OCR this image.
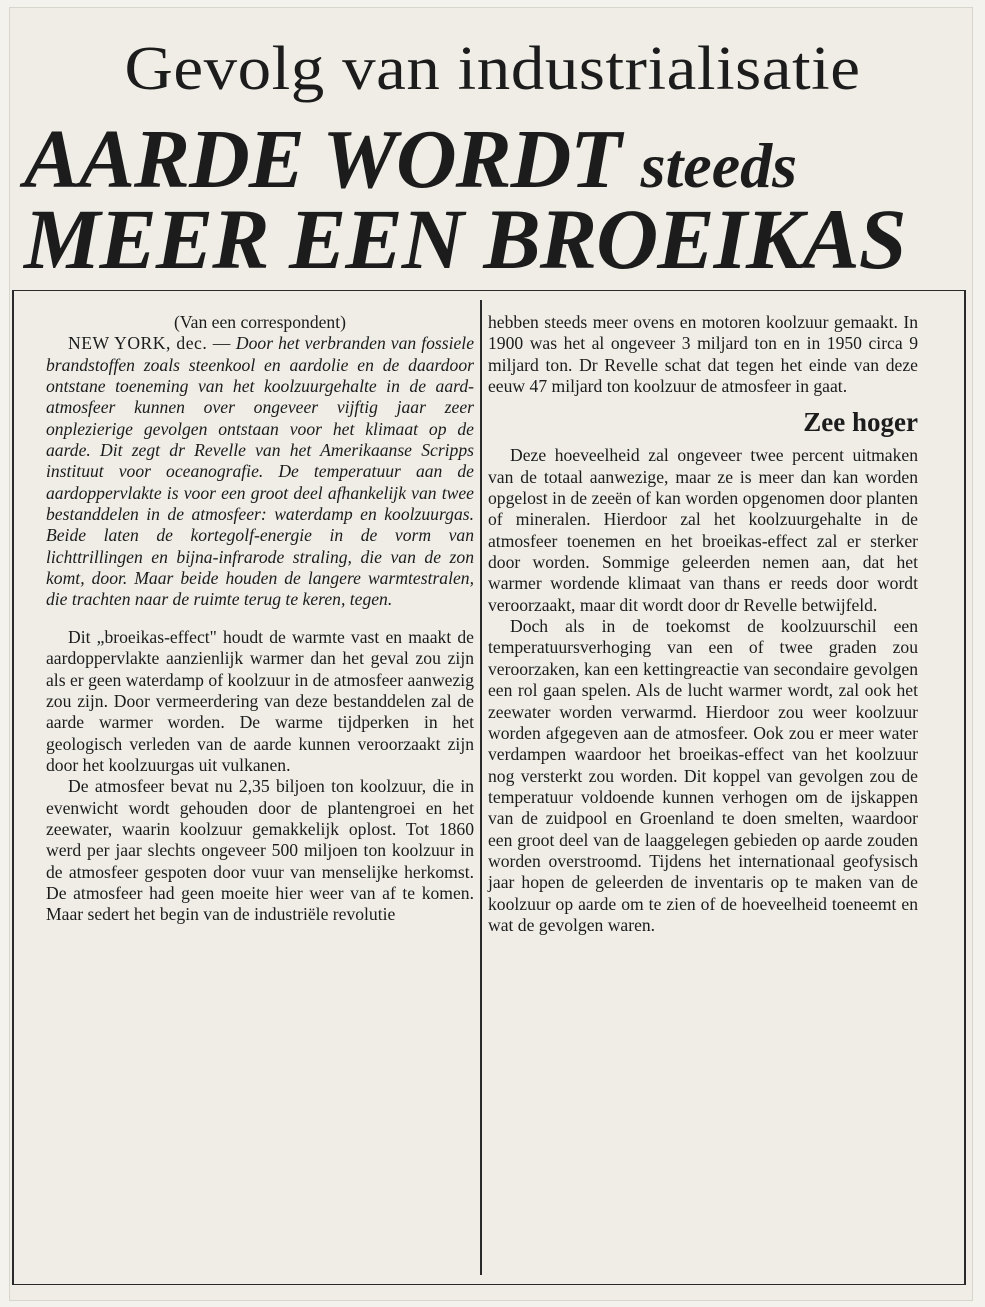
Gevolg van industrialisatie
AARDE WORDT steeds
MEER EEN BROEIKAS

(Van een correspondent)

NEW YORK, dec. — Door het verbranden van fossiele brandstoffen zoals steenkool en aardolie en de daardoor ontstane toeneming van het koolzuurgehalte in de aard-atmosfeer kunnen over ongeveer vijftig jaar zeer onplezierige gevolgen ontstaan voor het klimaat op de aarde. Dit zegt dr Revelle van het Amerikaanse Scripps instituut voor oceanografie. De temperatuur aan de aardoppervlakte is voor een groot deel afhankelijk van twee bestanddelen in de atmosfeer: waterdamp en koolzuurgas. Beide laten de kortegolf-energie in de vorm van lichttrillingen en bijna-infrarode straling, die van de zon komt, door. Maar beide houden de langere warmtestralen, die trachten naar de ruimte terug te keren, tegen.

Dit „broeikas-effect" houdt de warmte vast en maakt de aardoppervlakte aanzienlijk warmer dan het geval zou zijn als er geen waterdamp of koolzuur in de atmosfeer aanwezig zou zijn. Door vermeerdering van deze bestanddelen zal de aarde warmer worden. De warme tijdperken in het geologisch verleden van de aarde kunnen veroorzaakt zijn door het koolzuurgas uit vulkanen.

De atmosfeer bevat nu 2,35 biljoen ton koolzuur, die in evenwicht wordt gehouden door de plantengroei en het zeewater, waarin koolzuur gemakkelijk oplost. Tot 1860 werd per jaar slechts ongeveer 500 miljoen ton koolzuur in de atmosfeer gespoten door vuur van menselijke herkomst. De atmosfeer had geen moeite hier weer van af te komen. Maar sedert het begin van de industriële revolutie

hebben steeds meer ovens en motoren koolzuur gemaakt. In 1900 was het al ongeveer 3 miljard ton en in 1950 circa 9 miljard ton. Dr Revelle schat dat tegen het einde van deze eeuw 47 miljard ton koolzuur de atmosfeer in gaat.

Zee hoger

Deze hoeveelheid zal ongeveer twee percent uitmaken van de totaal aanwezige, maar ze is meer dan kan worden opgelost in de zeeën of kan worden opgenomen door planten of mineralen. Hierdoor zal het koolzuurgehalte in de atmosfeer toenemen en het broeikas-effect zal er sterker door worden. Sommige geleerden nemen aan, dat het warmer wordende klimaat van thans er reeds door wordt veroorzaakt, maar dit wordt door dr Revelle betwijfeld.

Doch als in de toekomst de koolzuurschil een temperatuursverhoging van een of twee graden zou veroorzaken, kan een kettingreactie van secondaire gevolgen een rol gaan spelen. Als de lucht warmer wordt, zal ook het zeewater worden verwarmd. Hierdoor zou weer koolzuur worden afgegeven aan de atmosfeer. Ook zou er meer water verdampen waardoor het broeikas-effect van het koolzuur nog versterkt zou worden. Dit koppel van gevolgen zou de temperatuur voldoende kunnen verhogen om de ijskappen van de zuidpool en Groenland te doen smelten, waardoor een groot deel van de laaggelegen gebieden op aarde zouden worden overstroomd. Tijdens het internationaal geofysisch jaar hopen de geleerden de inventaris op te maken van de koolzuur op aarde om te zien of de hoeveelheid toeneemt en wat de gevolgen waren.
